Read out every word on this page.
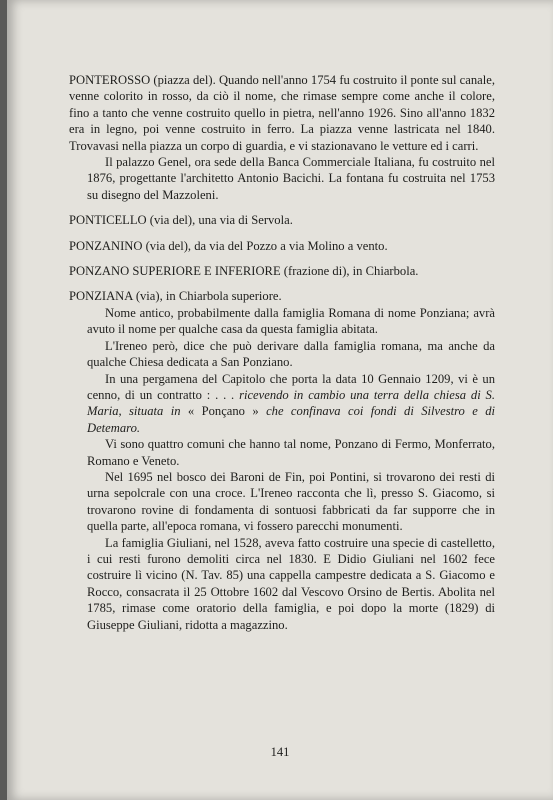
PONTEROSSO (piazza del). Quando nell'anno 1754 fu costruito il ponte sul canale, venne colorito in rosso, da ciò il nome, che rimase sempre come anche il colore, fino a tanto che venne costruito quello in pietra, nell'anno 1926. Sino all'anno 1832 era in legno, poi venne costruito in ferro. La piazza venne lastricata nel 1840. Trovavasi nella piazza un corpo di guardia, e vi stazionavano le vetture ed i carri.

Il palazzo Genel, ora sede della Banca Commerciale Italiana, fu costruito nel 1876, progettante l'architetto Antonio Bacichi. La fontana fu costruita nel 1753 su disegno del Mazzoleni.

PONTICELLO (via del), una via di Servola.
PONZANINO (via del), da via del Pozzo a via Molino a vento.
PONZANO SUPERIORE E INFERIORE (frazione di), in Chiarbola.
PONZIANA (via), in Chiarbola superiore.

Nome antico, probabilmente dalla famiglia Romana di nome Ponziana; avrà avuto il nome per qualche casa da questa famiglia abitata.

L'Ireneo però, dice che può derivare dalla famiglia romana, ma anche da qualche Chiesa dedicata a San Ponziano.

In una pergamena del Capitolo che porta la data 10 Gennaio 1209, vi è un cenno, di un contratto : . . . ricevendo in cambio una terra della chiesa di S. Maria, situata in « Ponçano » che confinava coi fondi di Silvestro e di Detemaro.

Vi sono quattro comuni che hanno tal nome, Ponzano di Fermo, Monferrato, Romano e Veneto.

Nel 1695 nel bosco dei Baroni de Fin, poi Pontini, si trovarono dei resti di urna sepolcrale con una croce. L'Ireneo racconta che lì, presso S. Giacomo, si trovarono rovine di fondamenta di sontuosi fabbricati da far supporre che in quella parte, all'epoca romana, vi fossero parecchi monumenti.

La famiglia Giuliani, nel 1528, aveva fatto costruire una specie di castelletto, i cui resti furono demoliti circa nel 1830. E Didio Giuliani nel 1602 fece costruire lì vicino (N. Tav. 85) una cappella campestre dedicata a S. Giacomo e Rocco, consacrata il 25 Ottobre 1602 dal Vescovo Orsino de Bertis. Abolita nel 1785, rimase come oratorio della famiglia, e poi dopo la morte (1829) di Giuseppe Giuliani, ridotta a magazzino.

141
